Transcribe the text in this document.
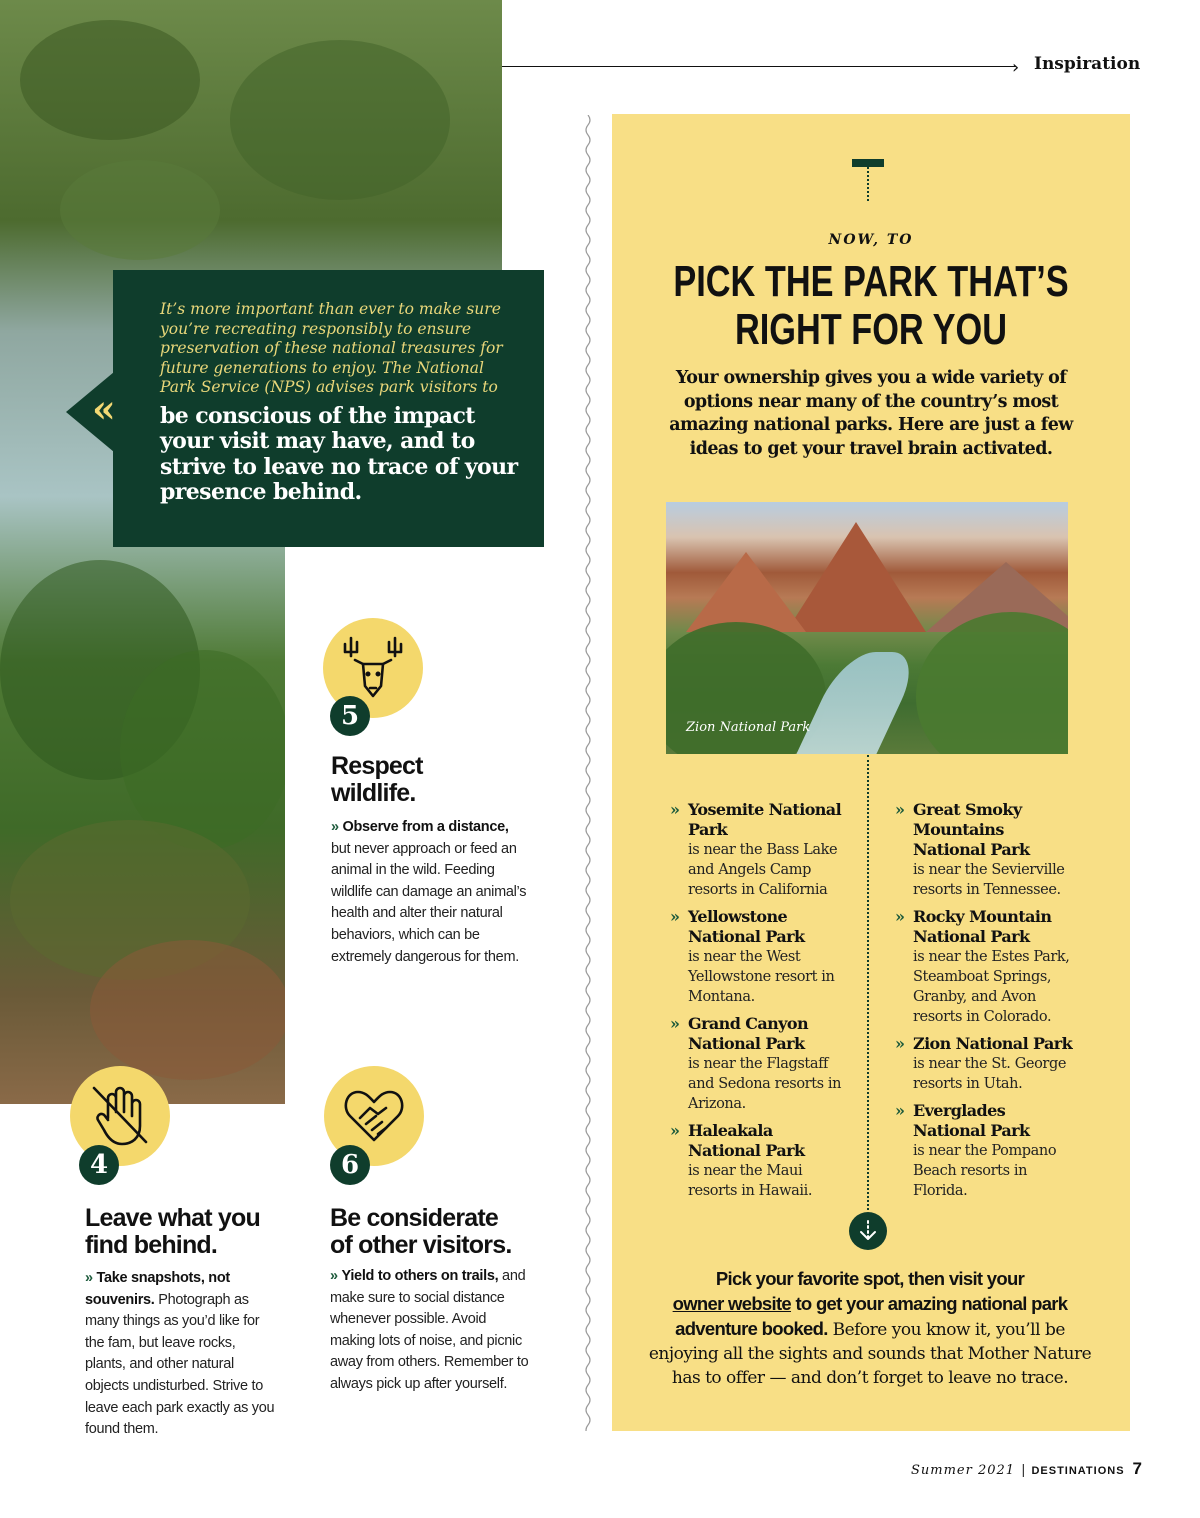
› Inspiration

It’s more important than ever to make sure you’re recreating responsibly to ensure preservation of these national treasures for future generations to enjoy. The National Park Service (NPS) advises park visitors to

be conscious of the impact your visit may have, and to strive to leave no trace of your presence behind.

«
5
Respect
wildlife.
» Observe from a distance, but never approach or feed an animal in the wild. Feeding wildlife can damage an animal’s health and alter their natural behaviors, which can be extremely dangerous for them.
4
Leave what you
find behind.
» Take snapshots, not souvenirs. Photograph as many things as you’d like for the fam, but leave rocks, plants, and other natural objects undisturbed. Strive to leave each park exactly as you found them.
6
Be considerate
of other visitors.
» Yield to others on trails, and make sure to social distance whenever possible. Avoid making lots of noise, and picnic away from others. Remember to always pick up after yourself.
NOW, TO
PICK THE PARK THAT’S
RIGHT FOR YOU

Your ownership gives you a wide variety of options near many of the country’s most amazing national parks. Here are just a few ideas to get your travel brain activated.

Zion National Park
» Yosemite National Park
is near the Bass Lake and Angels Camp resorts in California
» Yellowstone National Park
is near the West Yellowstone resort in Montana.
» Grand Canyon National Park
is near the Flagstaff and Sedona resorts in Arizona.
» Haleakala National Park
is near the Maui resorts in Hawaii.
» Great Smoky Mountains National Park
is near the Sevierville resorts in Tennessee.
» Rocky Mountain National Park
is near the Estes Park, Steamboat Springs, Granby, and Avon resorts in Colorado.
» Zion National Park
is near the St. George resorts in Utah.
» Everglades National Park
is near the Pompano Beach resorts in Florida.

Pick your favorite spot, then visit your
owner website to get your amazing national park adventure booked. Before you know it, you’ll be enjoying all the sights and sounds that Mother Nature has to offer — and don’t forget to leave no trace.

Summer 2021 | DESTINATIONS 7
